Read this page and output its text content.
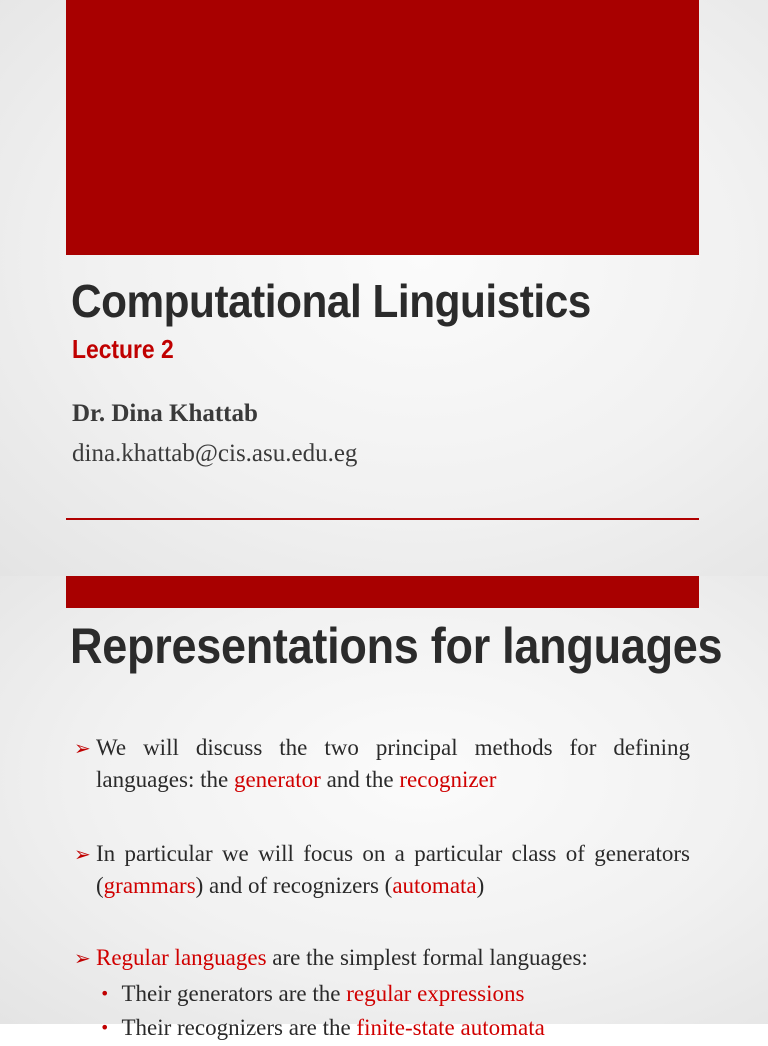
Computational Linguistics
Lecture 2
Dr. Dina Khattab
dina.khattab@cis.asu.edu.eg
Representations for languages
➢ We will discuss the two principal methods for defining languages: the generator and the recognizer
➢ In particular we will focus on a particular class of generators (grammars) and of recognizers (automata)
➢ Regular languages are the simplest formal languages:
• Their generators are the regular expressions
• Their recognizers are the finite-state automata
